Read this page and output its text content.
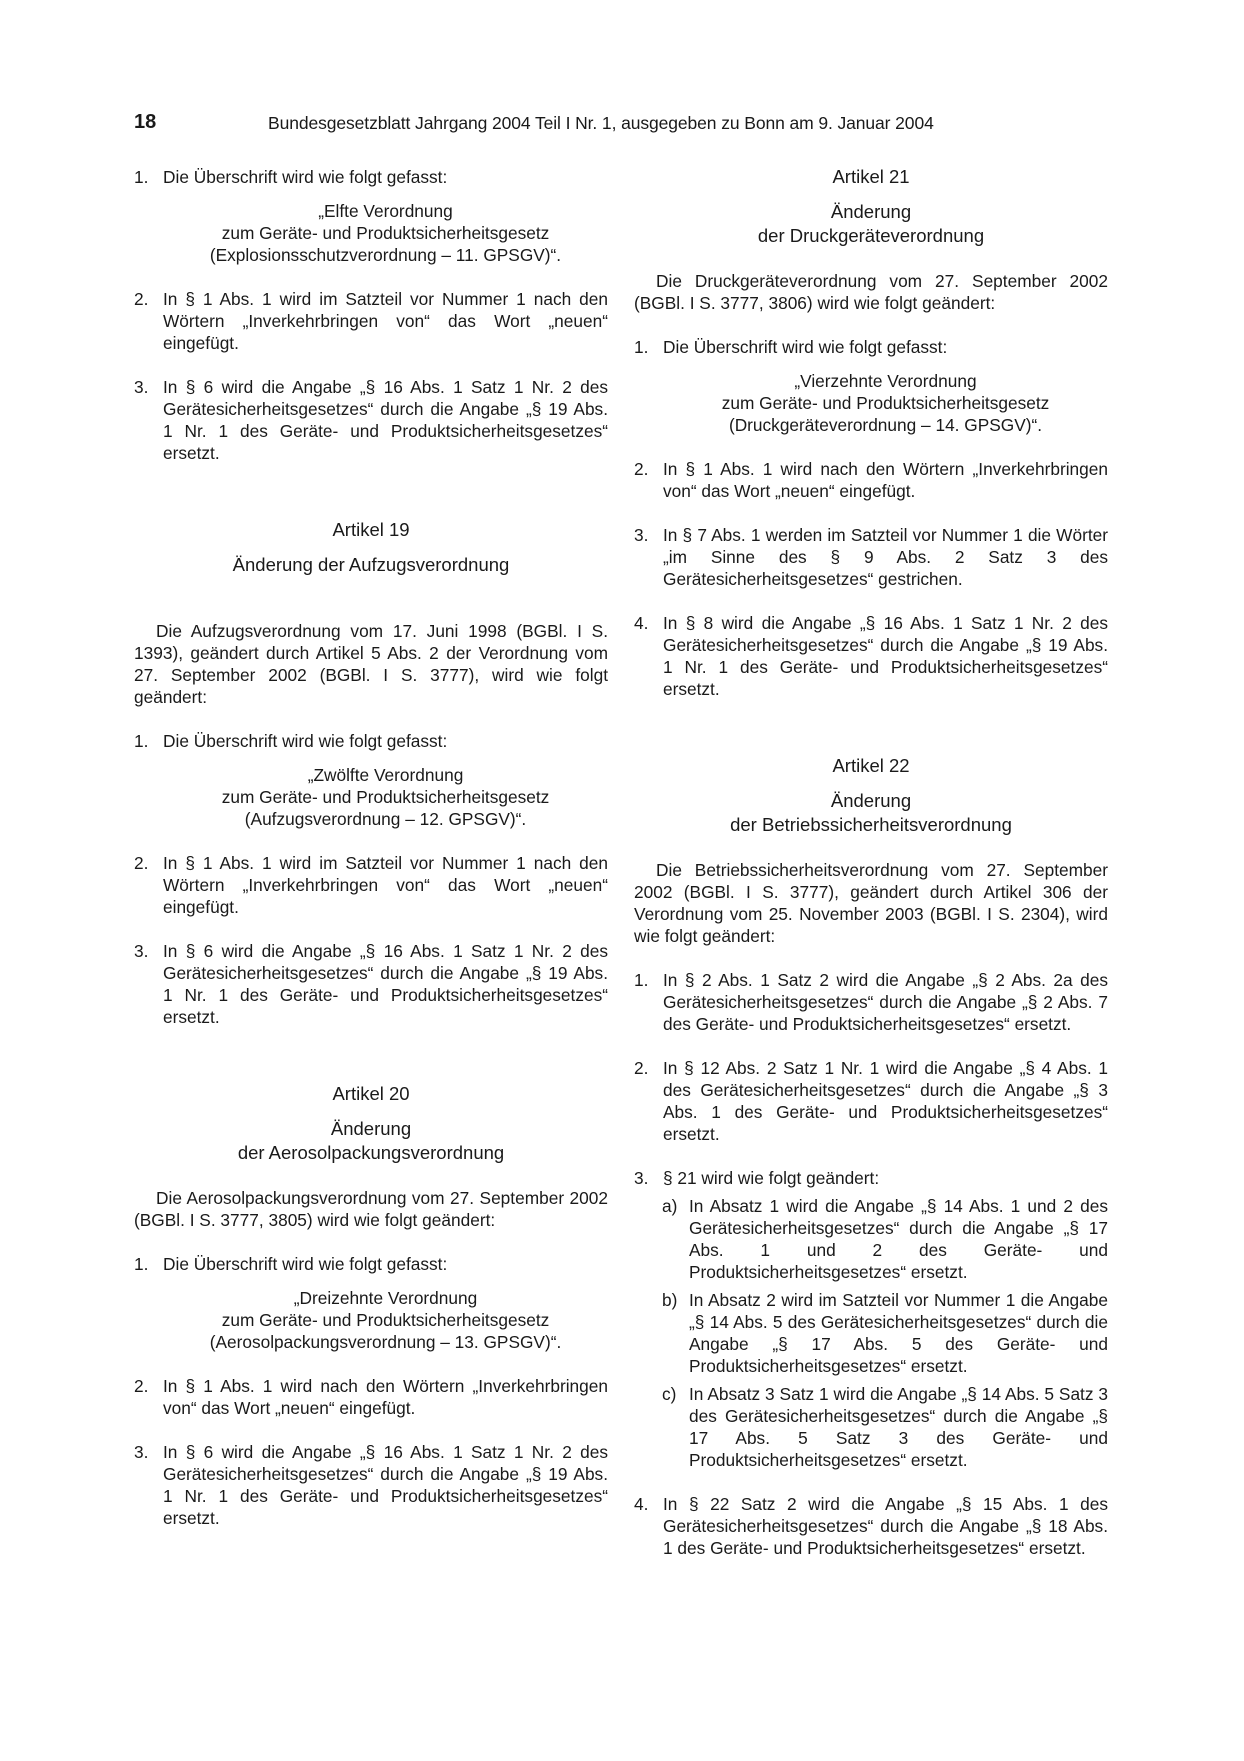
18	Bundesgesetzblatt Jahrgang 2004 Teil I Nr. 1, ausgegeben zu Bonn am 9. Januar 2004

1. Die Überschrift wird wie folgt gefasst:

„Elfte Verordnung
zum Geräte- und Produktsicherheitsgesetz
(Explosionsschutzverordnung – 11. GPSGV)“.

2. In § 1 Abs. 1 wird im Satzteil vor Nummer 1 nach den Wörtern „Inverkehrbringen von“ das Wort „neuen“ eingefügt.

3. In § 6 wird die Angabe „§ 16 Abs. 1 Satz 1 Nr. 2 des Gerätesicherheitsgesetzes“ durch die Angabe „§ 19 Abs. 1 Nr. 1 des Geräte- und Produktsicherheitsgesetzes“ ersetzt.

Artikel 19

Änderung der Aufzugsverordnung

Die Aufzugsverordnung vom 17. Juni 1998 (BGBl. I S. 1393), geändert durch Artikel 5 Abs. 2 der Verordnung vom 27. September 2002 (BGBl. I S. 3777), wird wie folgt geändert:

1. Die Überschrift wird wie folgt gefasst:

„Zwölfte Verordnung
zum Geräte- und Produktsicherheitsgesetz
(Aufzugsverordnung – 12. GPSGV)“.

2. In § 1 Abs. 1 wird im Satzteil vor Nummer 1 nach den Wörtern „Inverkehrbringen von“ das Wort „neuen“ eingefügt.

3. In § 6 wird die Angabe „§ 16 Abs. 1 Satz 1 Nr. 2 des Gerätesicherheitsgesetzes“ durch die Angabe „§ 19 Abs. 1 Nr. 1 des Geräte- und Produktsicherheitsgesetzes“ ersetzt.

Artikel 20

Änderung
der Aerosolpackungsverordnung

Die Aerosolpackungsverordnung vom 27. September 2002 (BGBl. I S. 3777, 3805) wird wie folgt geändert:

1. Die Überschrift wird wie folgt gefasst:

„Dreizehnte Verordnung
zum Geräte- und Produktsicherheitsgesetz
(Aerosolpackungsverordnung – 13. GPSGV)“.

2. In § 1 Abs. 1 wird nach den Wörtern „Inverkehrbringen von“ das Wort „neuen“ eingefügt.

3. In § 6 wird die Angabe „§ 16 Abs. 1 Satz 1 Nr. 2 des Gerätesicherheitsgesetzes“ durch die Angabe „§ 19 Abs. 1 Nr. 1 des Geräte- und Produktsicherheitsgesetzes“ ersetzt.

Artikel 21

Änderung
der Druckgeräteverordnung

Die Druckgeräteverordnung vom 27. September 2002 (BGBl. I S. 3777, 3806) wird wie folgt geändert:

1. Die Überschrift wird wie folgt gefasst:

„Vierzehnte Verordnung
zum Geräte- und Produktsicherheitsgesetz
(Druckgeräteverordnung – 14. GPSGV)“.

2. In § 1 Abs. 1 wird nach den Wörtern „Inverkehrbringen von“ das Wort „neuen“ eingefügt.

3. In § 7 Abs. 1 werden im Satzteil vor Nummer 1 die Wörter „im Sinne des § 9 Abs. 2 Satz 3 des Gerätesicherheitsgesetzes“ gestrichen.

4. In § 8 wird die Angabe „§ 16 Abs. 1 Satz 1 Nr. 2 des Gerätesicherheitsgesetzes“ durch die Angabe „§ 19 Abs. 1 Nr. 1 des Geräte- und Produktsicherheitsgesetzes“ ersetzt.

Artikel 22

Änderung
der Betriebssicherheitsverordnung

Die Betriebssicherheitsverordnung vom 27. September 2002 (BGBl. I S. 3777), geändert durch Artikel 306 der Verordnung vom 25. November 2003 (BGBl. I S. 2304), wird wie folgt geändert:

1. In § 2 Abs. 1 Satz 2 wird die Angabe „§ 2 Abs. 2a des Gerätesicherheitsgesetzes“ durch die Angabe „§ 2 Abs. 7 des Geräte- und Produktsicherheitsgesetzes“ ersetzt.

2. In § 12 Abs. 2 Satz 1 Nr. 1 wird die Angabe „§ 4 Abs. 1 des Gerätesicherheitsgesetzes“ durch die Angabe „§ 3 Abs. 1 des Geräte- und Produktsicherheitsgesetzes“ ersetzt.

3. § 21 wird wie folgt geändert:

a) In Absatz 1 wird die Angabe „§ 14 Abs. 1 und 2 des Gerätesicherheitsgesetzes“ durch die Angabe „§ 17 Abs. 1 und 2 des Geräte- und Produktsicherheitsgesetzes“ ersetzt.

b) In Absatz 2 wird im Satzteil vor Nummer 1 die Angabe „§ 14 Abs. 5 des Gerätesicherheitsgesetzes“ durch die Angabe „§ 17 Abs. 5 des Geräte- und Produktsicherheitsgesetzes“ ersetzt.

c) In Absatz 3 Satz 1 wird die Angabe „§ 14 Abs. 5 Satz 3 des Gerätesicherheitsgesetzes“ durch die Angabe „§ 17 Abs. 5 Satz 3 des Geräte- und Produktsicherheitsgesetzes“ ersetzt.

4. In § 22 Satz 2 wird die Angabe „§ 15 Abs. 1 des Gerätesicherheitsgesetzes“ durch die Angabe „§ 18 Abs. 1 des Geräte- und Produktsicherheitsgesetzes“ ersetzt.
